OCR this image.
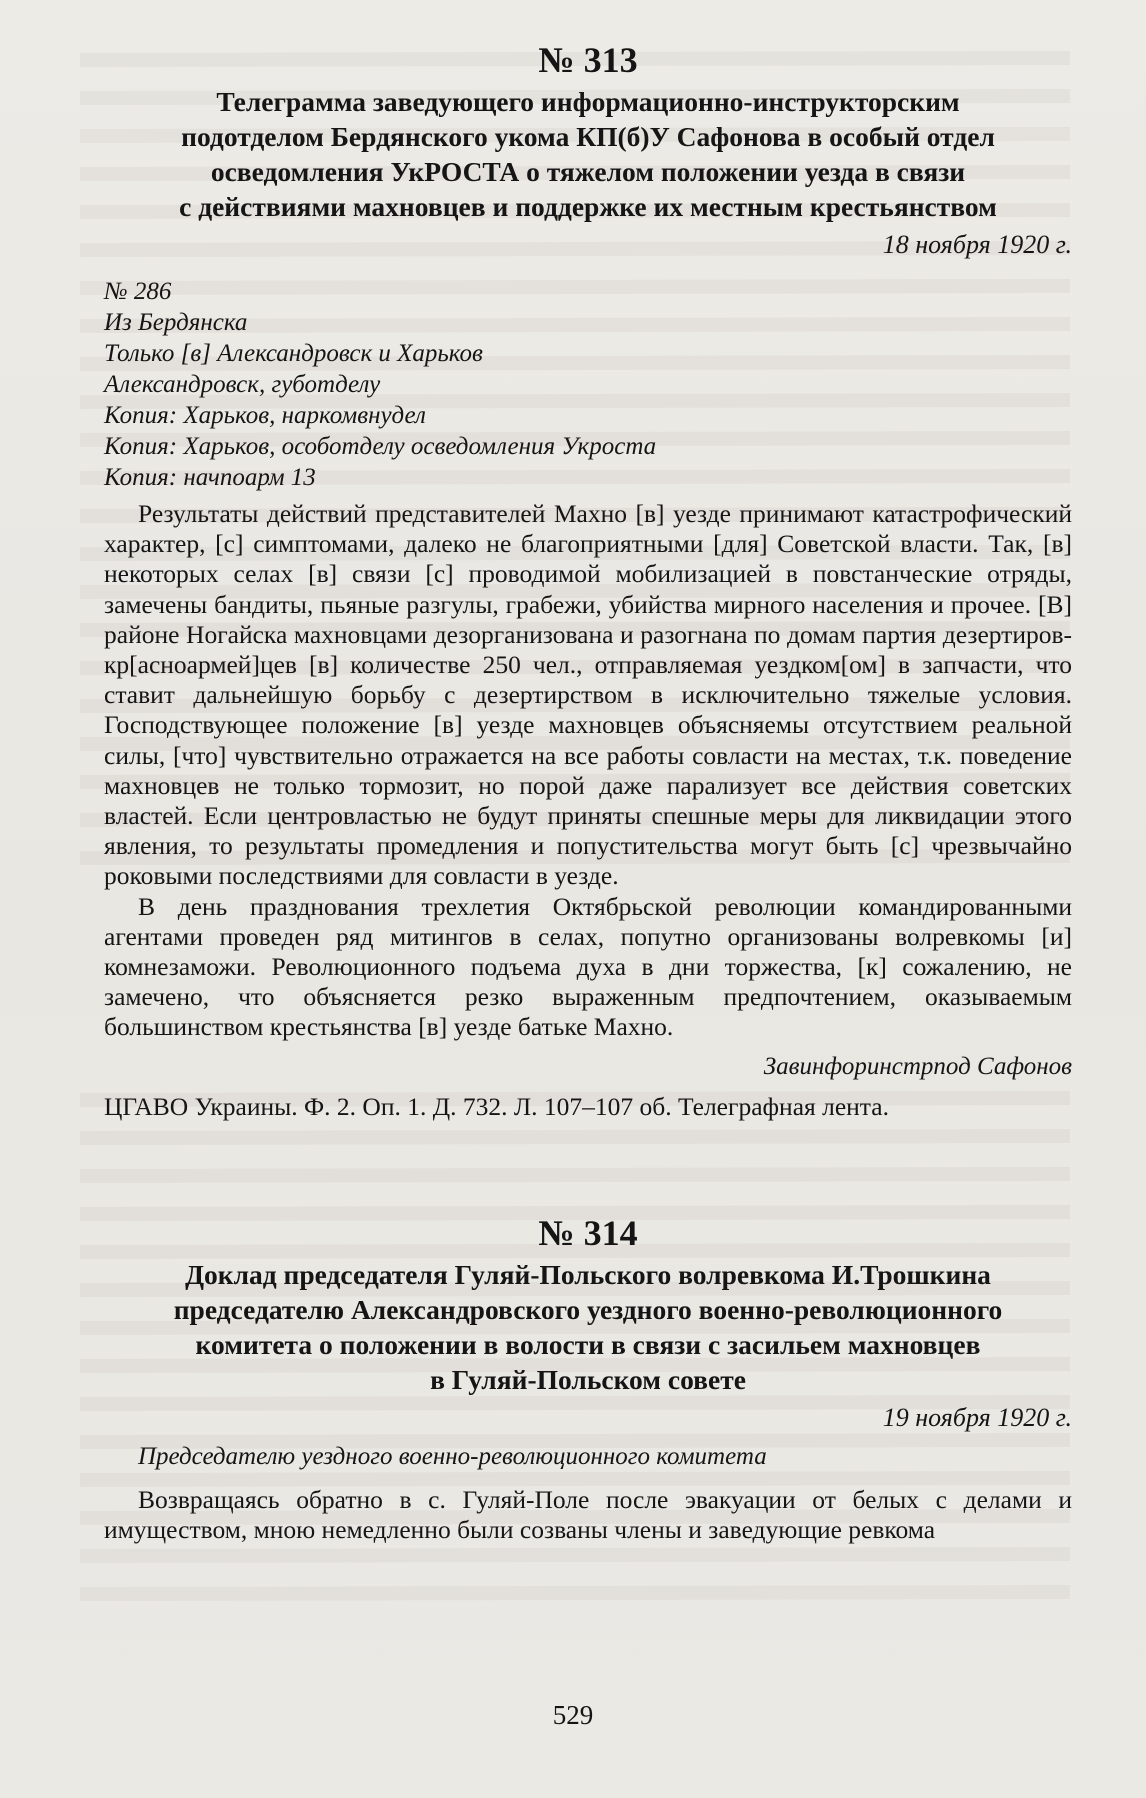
№ 313
Телеграмма заведующего информационно-инструкторским
подотделом Бердянского укома КП(б)У Сафонова в особый отдел
осведомления УкРОСТА о тяжелом положении уезда в связи
с действиями махновцев и поддержке их местным крестьянством

18 ноября 1920 г.

№ 286

Из Бердянска

Только [в] Александровск и Харьков

Александровск, губотделу

Копия: Харьков, наркомвнудел

Копия: Харьков, особотделу осведомления Укроста

Копия: начпоарм 13

Результаты действий представителей Махно [в] уезде принимают катастрофический характер, [с] симптомами, далеко не благоприятными [для] Советской власти. Так, [в] некоторых селах [в] связи [с] проводимой мобилизацией в повстанческие отряды, замечены бандиты, пьяные разгулы, грабежи, убийства мирного населения и прочее. [В] районе Ногайска махновцами дезорганизована и разогнана по домам партия дезертиров-кр[асноармей]цев [в] количестве 250 чел., отправляемая уездком[ом] в запчасти, что ставит дальнейшую борьбу с дезертирством в исключительно тяжелые условия. Господствующее положение [в] уезде махновцев объясняемы отсутствием реальной силы, [что] чувствительно отражается на все работы совласти на местах, т.к. поведение махновцев не только тормозит, но порой даже парализует все действия советских властей. Если центровластью не будут приняты спешные меры для ликвидации этого явления, то результаты промедления и попустительства могут быть [с] чрезвычайно роковыми последствиями для совласти в уезде.

В день празднования трехлетия Октябрьской революции командированными агентами проведен ряд митингов в селах, попутно организованы волревкомы [и] комнезаможи. Революционного подъема духа в дни торжества, [к] сожалению, не замечено, что объясняется резко выраженным предпочтением, оказываемым большинством крестьянства [в] уезде батьке Махно.

Завинфоринстрпод Сафонов

ЦГАВО Украины. Ф. 2. Оп. 1. Д. 732. Л. 107–107 об. Телеграфная лента.

№ 314
Доклад председателя Гуляй-Польского волревкома И.Трошкина
председателю Александровского уездного военно-революционного
комитета о положении в волости в связи с засильем махновцев
в Гуляй-Польском совете

19 ноября 1920 г.

Председателю уездного военно-революционного комитета

Возвращаясь обратно в с. Гуляй-Поле после эвакуации от белых с делами и имуществом, мною немедленно были созваны члены и заведующие ревкома

529
